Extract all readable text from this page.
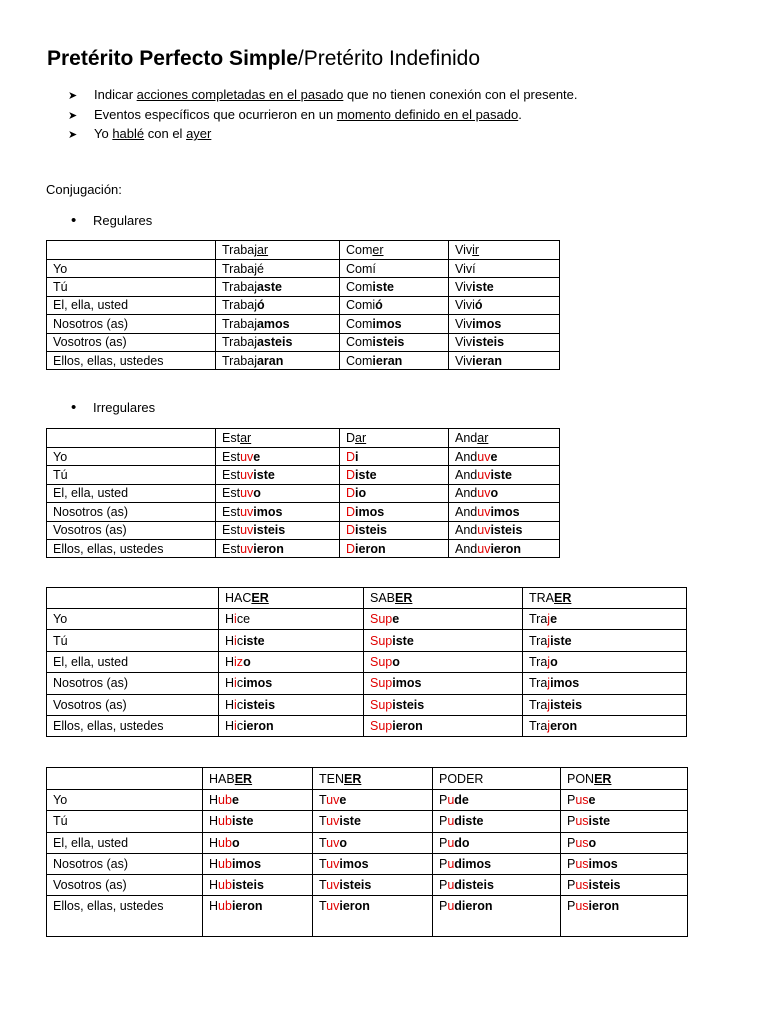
Pretérito Perfecto Simple/Pretérito Indefinido
➤ Indicar acciones completadas en el pasado que no tienen conexión con el presente.
➤ Eventos específicos que ocurrieron en un momento definido en el pasado.
➤ Yo hablé con el ayer
Conjugación:
• Regulares
	Trabajar	Comer	Vivir
Yo	Trabajé	Comí	Viví
Tú	Trabajaste	Comiste	Viviste
El, ella, usted	Trabajó	Comió	Vivió
Nosotros (as)	Trabajamos	Comimos	Vivimos
Vosotros (as)	Trabajasteis	Comisteis	Vivisteis
Ellos, ellas, ustedes	Trabajaran	Comieran	Vivieran
• Irregulares
	Estar	Dar	Andar
Yo	Estuve	Di	Anduve
Tú	Estuviste	Diste	Anduviste
El, ella, usted	Estuvo	Dio	Anduvo
Nosotros (as)	Estuvimos	Dimos	Anduvimos
Vosotros (as)	Estuvisteis	Disteis	Anduvisteis
Ellos, ellas, ustedes	Estuvieron	Dieron	Anduvieron
	HACER	SABER	TRAER
Yo	Hice	Supe	Traje
Tú	Hiciste	Supiste	Trajiste
El, ella, usted	Hizo	Supo	Trajo
Nosotros (as)	Hicimos	Supimos	Trajimos
Vosotros (as)	Hicisteis	Supisteis	Trajisteis
Ellos, ellas, ustedes	Hicieron	Supieron	Trajeron
	HABER	TENER	PODER	PONER
Yo	Hube	Tuve	Pude	Puse
Tú	Hubiste	Tuviste	Pudiste	Pusiste
El, ella, usted	Hubo	Tuvo	Pudo	Puso
Nosotros (as)	Hubimos	Tuvimos	Pudimos	Pusimos
Vosotros (as)	Hubisteis	Tuvisteis	Pudisteis	Pusisteis
Ellos, ellas, ustedes	Hubieron	Tuvieron	Pudieron	Pusieron
